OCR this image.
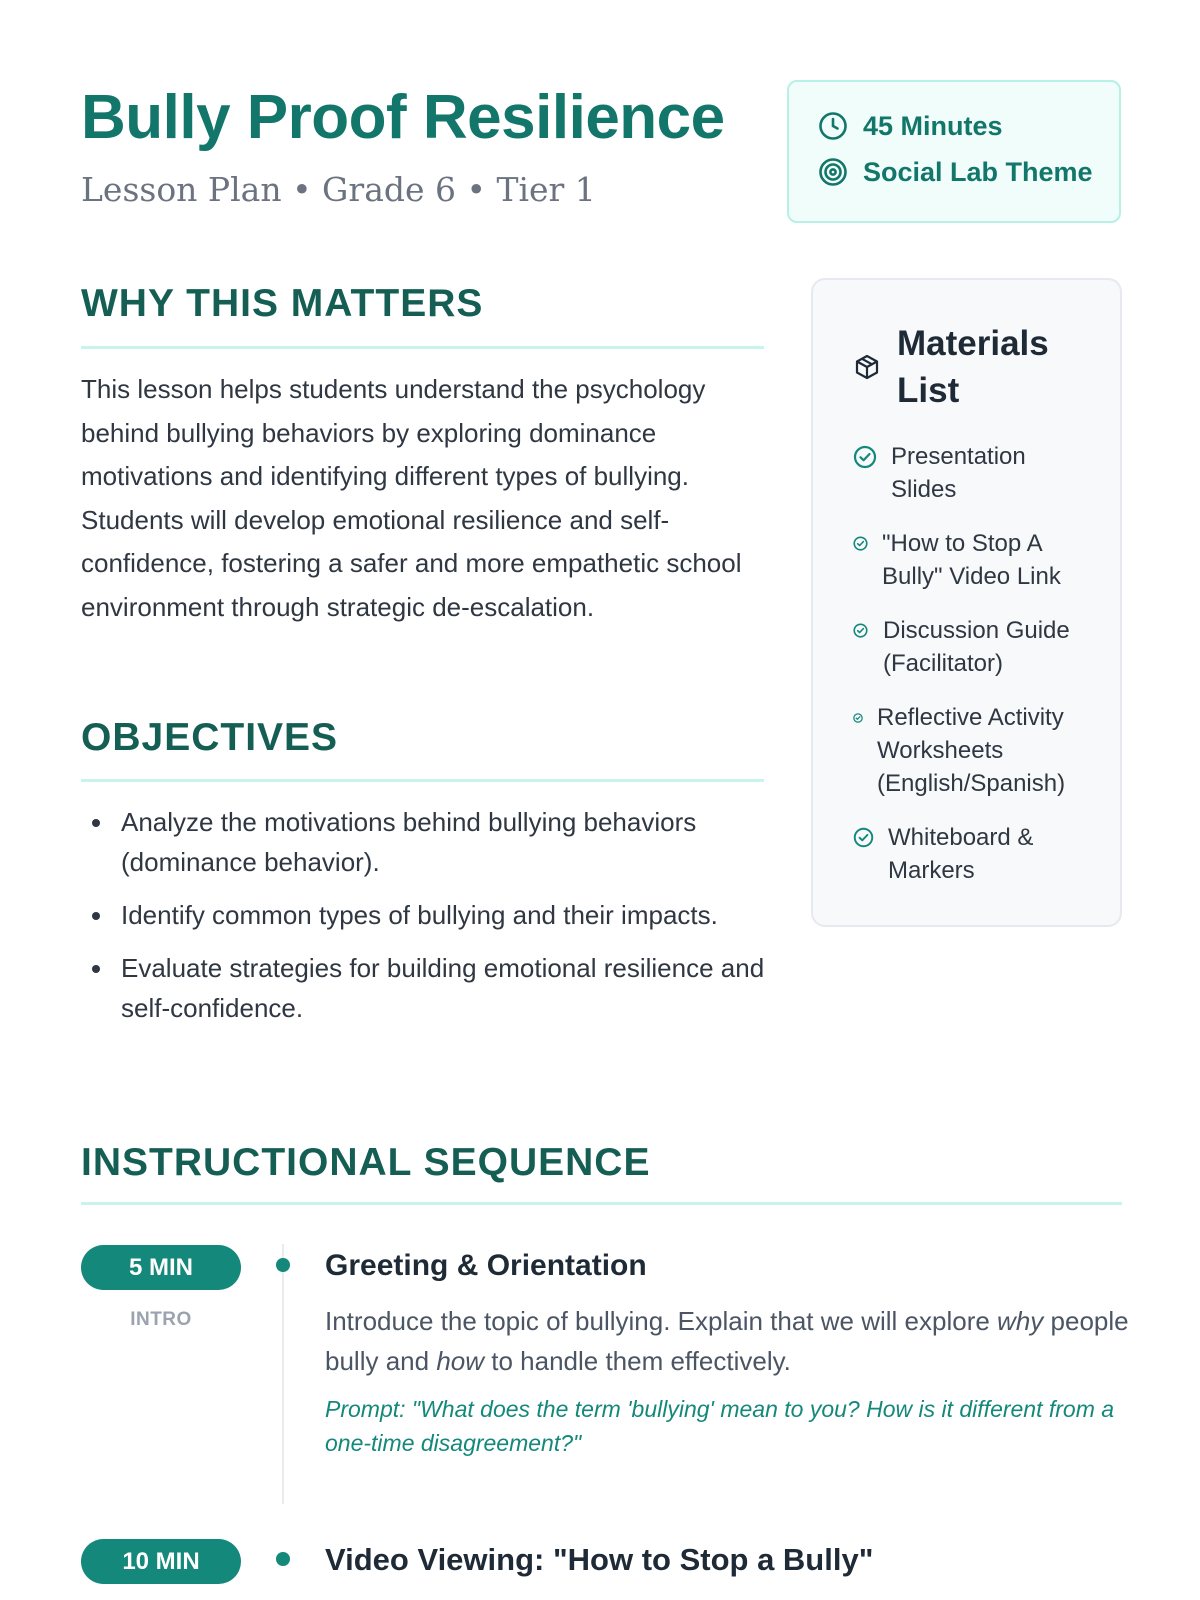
Bully Proof Resilience
Lesson Plan • Grade 6 • Tier 1
45 Minutes
Social Lab Theme
WHY THIS MATTERS

This lesson helps students understand the psychology behind bullying behaviors by exploring dominance motivations and identifying different types of bullying. Students will develop emotional resilience and self-confidence, fostering a safer and more empathetic school environment through strategic de-escalation.

OBJECTIVES
Analyze the motivations behind bullying behaviors (dominance behavior).
Identify common types of bullying and their impacts.
Evaluate strategies for building emotional resilience and self-confidence.
Materials List
Presentation Slides
"How to Stop A Bully" Video Link
Discussion Guide (Facilitator)
Reflective Activity Worksheets (English/Spanish)
Whiteboard & Markers
INSTRUCTIONAL SEQUENCE
5 MIN
INTRO
Greeting & Orientation

Introduce the topic of bullying. Explain that we will explore why people bully and how to handle them effectively.

Prompt: "What does the term 'bullying' mean to you? How is it different from a one-time disagreement?"

10 MIN	Video Viewing: "How to Stop a Bully"
